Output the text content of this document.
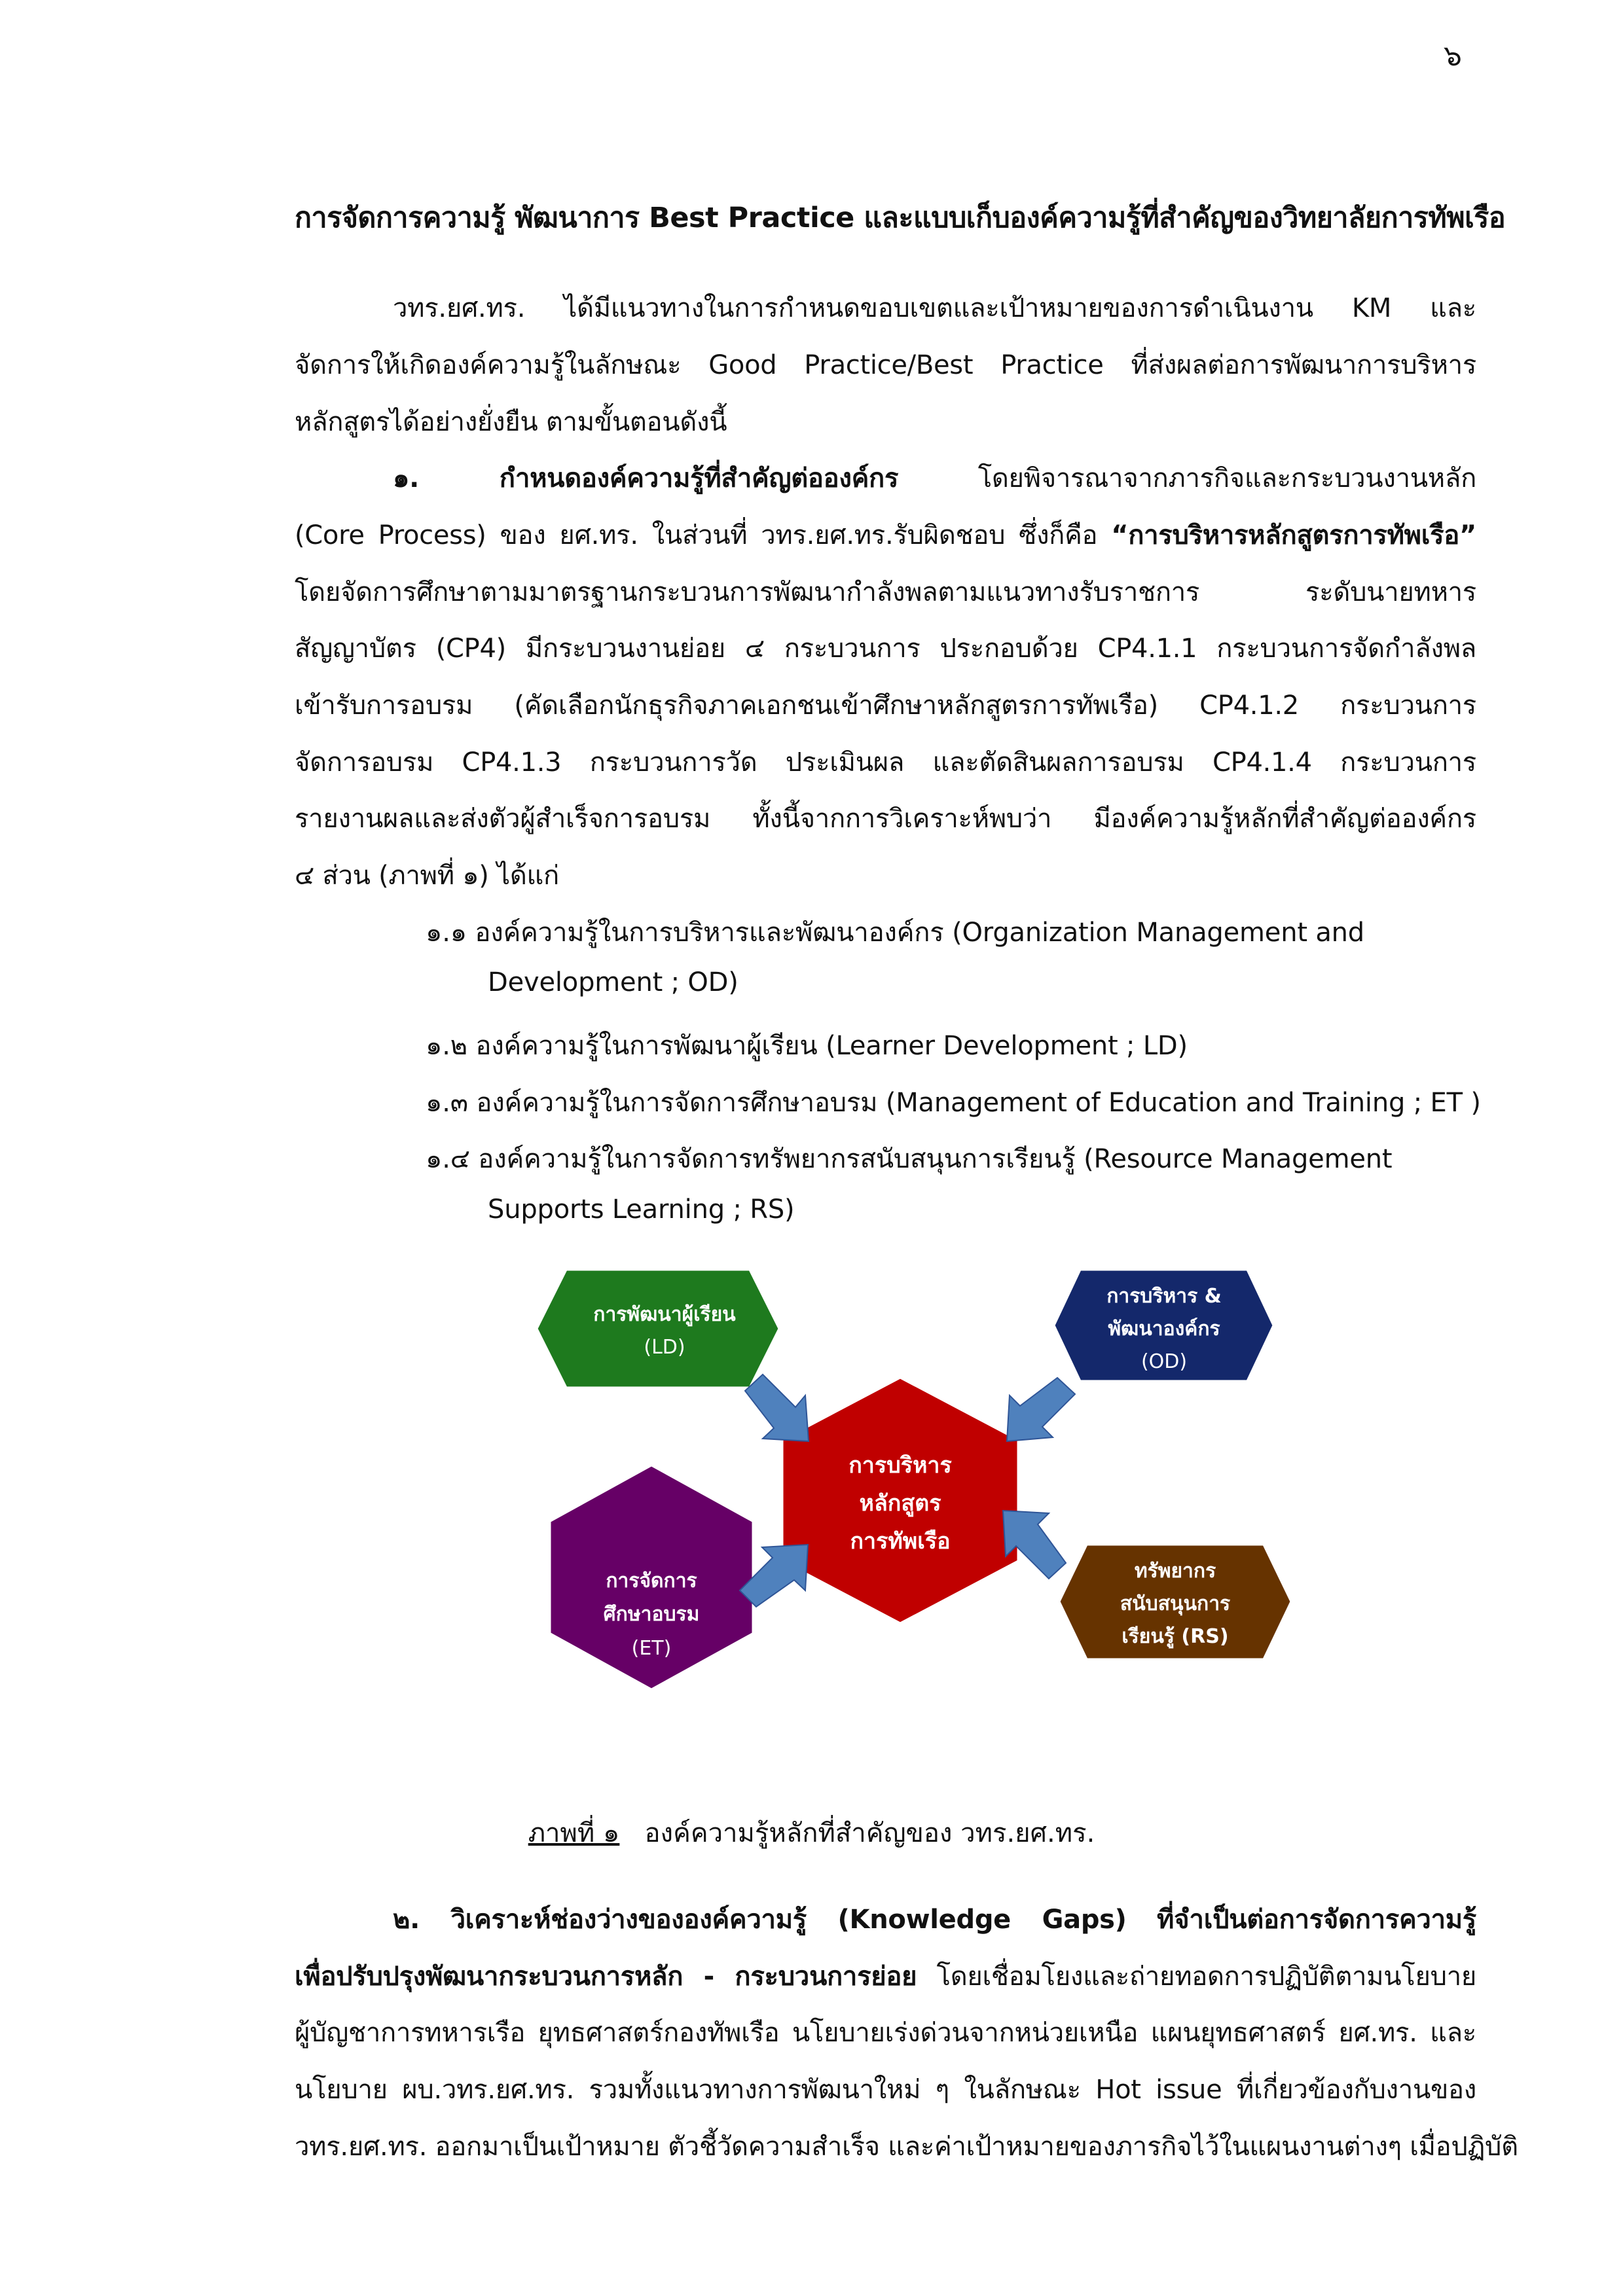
๖
การจัดการความรู้ พัฒนาการ Best Practice และแบบเก็บองค์ความรู้ที่สำคัญของวิทยาลัยการทัพเรือ
วทร.ยศ.ทร. ได้มีแนวทางในการกำหนดขอบเขตและเป้าหมายของการดำเนินงาน KM และ
จัดการให้เกิดองค์ความรู้ในลักษณะ Good Practice/Best Practice ที่ส่งผลต่อการพัฒนาการบริหาร
หลักสูตรได้อย่างยั่งยืน ตามขั้นตอนดังนี้
๑. กำหนดองค์ความรู้ที่สำคัญต่อองค์กร	โดยพิจารณาจากภารกิจและกระบวนงานหลัก
(Core Process) ของ ยศ.ทร. ในส่วนที่ วทร.ยศ.ทร.รับผิดชอบ ซึ่งก็คือ “การบริหารหลักสูตรการทัพเรือ”
โดยจัดการศึกษาตามมาตรฐานกระบวนการพัฒนากำลังพลตามแนวทางรับราชการ ระดับนายทหาร
สัญญาบัตร (CP4) มีกระบวนงานย่อย ๔ กระบวนการ ประกอบด้วย CP4.1.1 กระบวนการจัดกำลังพล
เข้ารับการอบรม (คัดเลือกนักธุรกิจภาคเอกชนเข้าศึกษาหลักสูตรการทัพเรือ) CP4.1.2 กระบวนการ
จัดการอบรม CP4.1.3 กระบวนการวัด ประเมินผล และตัดสินผลการอบรม CP4.1.4 กระบวนการ
รายงานผลและส่งตัวผู้สำเร็จการอบรม ทั้งนี้จากการวิเคราะห์พบว่า มีองค์ความรู้หลักที่สำคัญต่อองค์กร
๔ ส่วน (ภาพที่ ๑) ได้แก่
๑.๑ องค์ความรู้ในการบริหารและพัฒนาองค์กร (Organization Management and
Development ; OD)
๑.๒ องค์ความรู้ในการพัฒนาผู้เรียน (Learner Development ; LD)
๑.๓ องค์ความรู้ในการจัดการศึกษาอบรม (Management of Education and Training ; ET )
๑.๔ องค์ความรู้ในการจัดการทรัพยากรสนับสนุนการเรียนรู้ (Resource Management
Supports Learning ; RS)
การบริหาร
หลักสูตร
การทัพเรือ
การพัฒนาผู้เรียน
(LD)
การบริหาร &
พัฒนาองค์กร
(OD)
การจัดการ
ศึกษาอบรม
(ET)
ทรัพยากร
สนับสนุนการ
เรียนรู้ (RS)
ภาพที่ ๑ องค์ความรู้หลักที่สำคัญของ วทร.ยศ.ทร.
๒. วิเคราะห์ช่องว่างขององค์ความรู้ (Knowledge Gaps) ที่จำเป็นต่อการจัดการความรู้
เพื่อปรับปรุงพัฒนากระบวนการหลัก - กระบวนการย่อย โดยเชื่อมโยงและถ่ายทอดการปฏิบัติตามนโยบาย
ผู้บัญชาการทหารเรือ ยุทธศาสตร์กองทัพเรือ นโยบายเร่งด่วนจากหน่วยเหนือ แผนยุทธศาสตร์ ยศ.ทร. และ
นโยบาย ผบ.วทร.ยศ.ทร. รวมทั้งแนวทางการพัฒนาใหม่ ๆ ในลักษณะ Hot issue ที่เกี่ยวข้องกับงานของ
วทร.ยศ.ทร. ออกมาเป็นเป้าหมาย ตัวชี้วัดความสำเร็จ และค่าเป้าหมายของภารกิจไว้ในแผนงานต่างๆ เมื่อปฏิบัติ
